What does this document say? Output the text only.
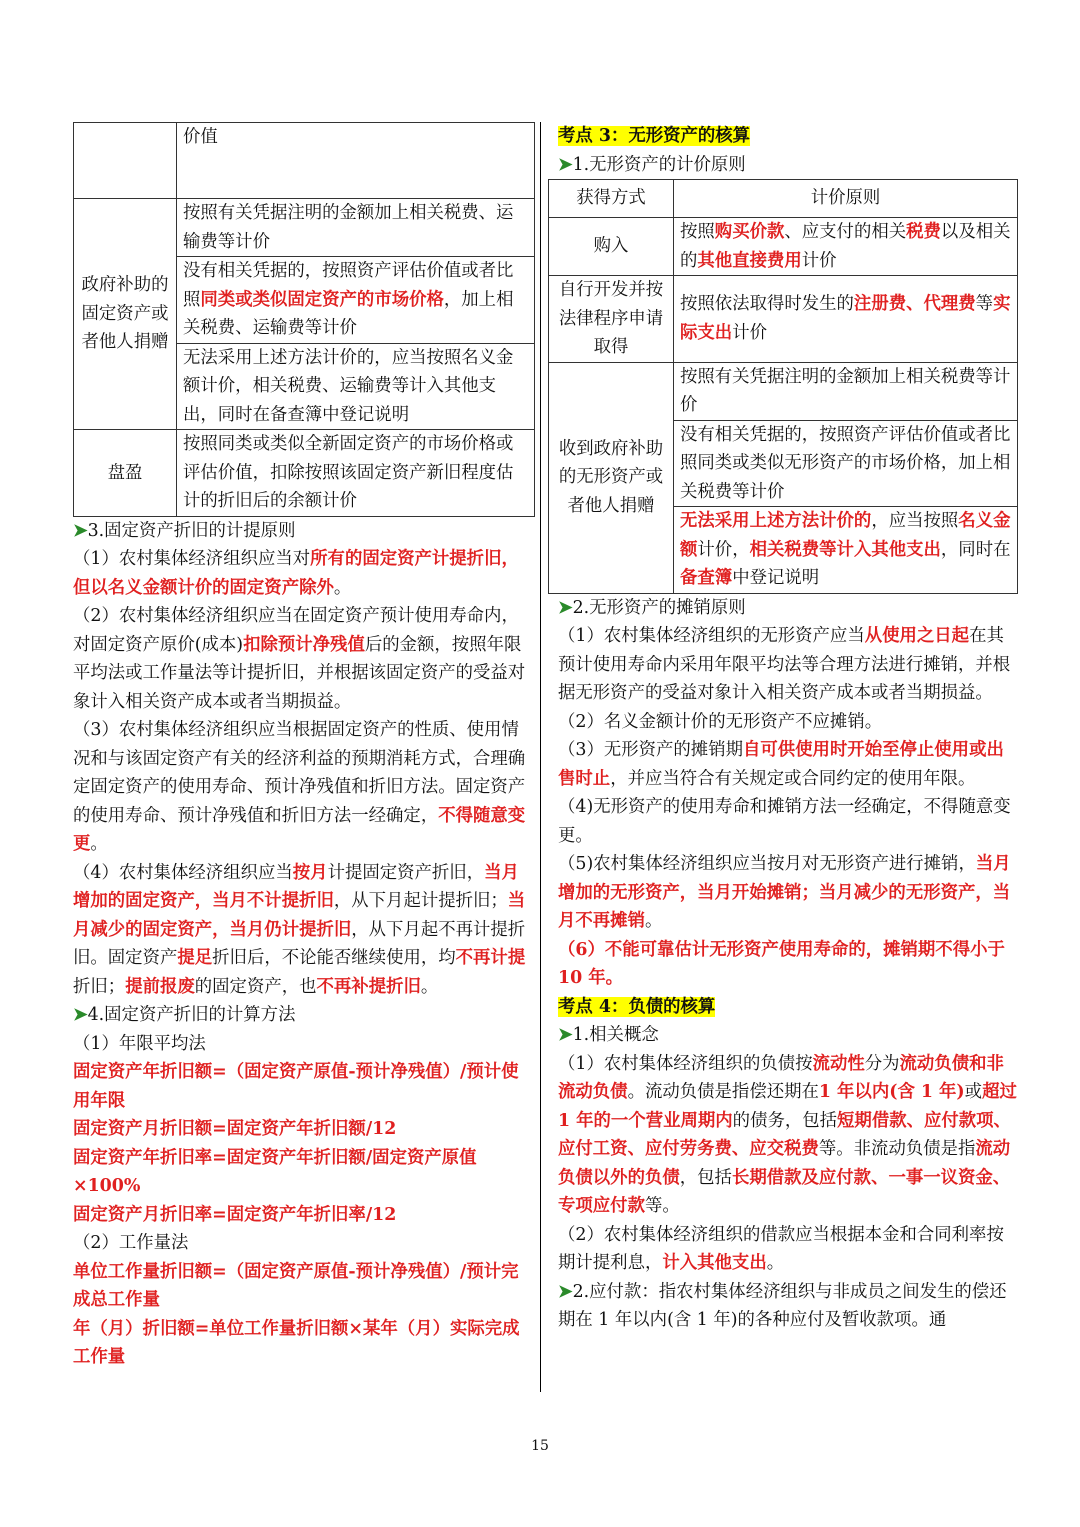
	价值
政府补助的固定资产或者他人捐赠	按照有关凭据注明的金额加上相关税费、运输费等计价
	没有相关凭据的，按照资产评估价值或者比照同类或类似固定资产的市场价格，加上相关税费、运输费等计价
	无法采用上述方法计价的，应当按照名义金额计价，相关税费、运输费等计入其他支出，同时在备查簿中登记说明
盘盈	按照同类或类似全新固定资产的市场价格或评估价值，扣除按照该固定资产新旧程度估计的折旧后的余额计价

➤3.固定资产折旧的计提原则

（1）农村集体经济组织应当对所有的固定资产计提折旧，但以名义金额计价的固定资产除外。

（2）农村集体经济组织应当在固定资产预计使用寿命内，对固定资产原价(成本)扣除预计净残值后的金额，按照年限平均法或工作量法等计提折旧，并根据该固定资产的受益对象计入相关资产成本或者当期损益。

（3）农村集体经济组织应当根据固定资产的性质、使用情况和与该固定资产有关的经济利益的预期消耗方式，合理确定固定资产的使用寿命、预计净残值和折旧方法。固定资产的使用寿命、预计净残值和折旧方法一经确定，不得随意变更。

（4）农村集体经济组织应当按月计提固定资产折旧，当月增加的固定资产，当月不计提折旧，从下月起计提折旧；当月减少的固定资产，当月仍计提折旧，从下月起不再计提折旧。固定资产提足折旧后，不论能否继续使用，均不再计提折旧；提前报废的固定资产，也不再补提折旧。

➤4.固定资产折旧的计算方法

（1）年限平均法

固定资产年折旧额=（固定资产原值-预计净残值）/预计使用年限

固定资产月折旧额=固定资产年折旧额/12

固定资产年折旧率=固定资产年折旧额/固定资产原值×100%

固定资产月折旧率=固定资产年折旧率/12

（2）工作量法

单位工作量折旧额=（固定资产原值-预计净残值）/预计完成总工作量

年（月）折旧额=单位工作量折旧额×某年（月）实际完成工作量

考点 3：无形资产的核算

➤1.无形资产的计价原则

获得方式	计价原则
购入	按照购买价款、应支付的相关税费以及相关的其他直接费用计价
自行开发并按法律程序申请取得	按照依法取得时发生的注册费、代理费等实际支出计价
收到政府补助的无形资产或者他人捐赠	按照有关凭据注明的金额加上相关税费等计价
	没有相关凭据的，按照资产评估价值或者比照同类或类似无形资产的市场价格，加上相关税费等计价
	无法采用上述方法计价的，应当按照名义金额计价，相关税费等计入其他支出，同时在备查簿中登记说明

➤2.无形资产的摊销原则

（1）农村集体经济组织的无形资产应当从使用之日起在其预计使用寿命内采用年限平均法等合理方法进行摊销，并根据无形资产的受益对象计入相关资产成本或者当期损益。

（2）名义金额计价的无形资产不应摊销。

（3）无形资产的摊销期自可供使用时开始至停止使用或出售时止，并应当符合有关规定或合同约定的使用年限。

（4)无形资产的使用寿命和摊销方法一经确定，不得随意变更。

（5)农村集体经济组织应当按月对无形资产进行摊销，当月增加的无形资产，当月开始摊销；当月减少的无形资产，当月不再摊销。

（6）不能可靠估计无形资产使用寿命的，摊销期不得小于 10 年。

考点 4：负债的核算

➤1.相关概念

（1）农村集体经济组织的负债按流动性分为流动负债和非流动负债。流动负债是指偿还期在1 年以内(含 1 年)或超过 1 年的一个营业周期内的债务，包括短期借款、应付款项、应付工资、应付劳务费、应交税费等。非流动负债是指流动负债以外的负债，包括长期借款及应付款、一事一议资金、专项应付款等。

（2）农村集体经济组织的借款应当根据本金和合同利率按期计提利息，计入其他支出。

➤2.应付款：指农村集体经济组织与非成员之间发生的偿还期在 1 年以内(含 1 年)的各种应付及暂收款项。通

15
